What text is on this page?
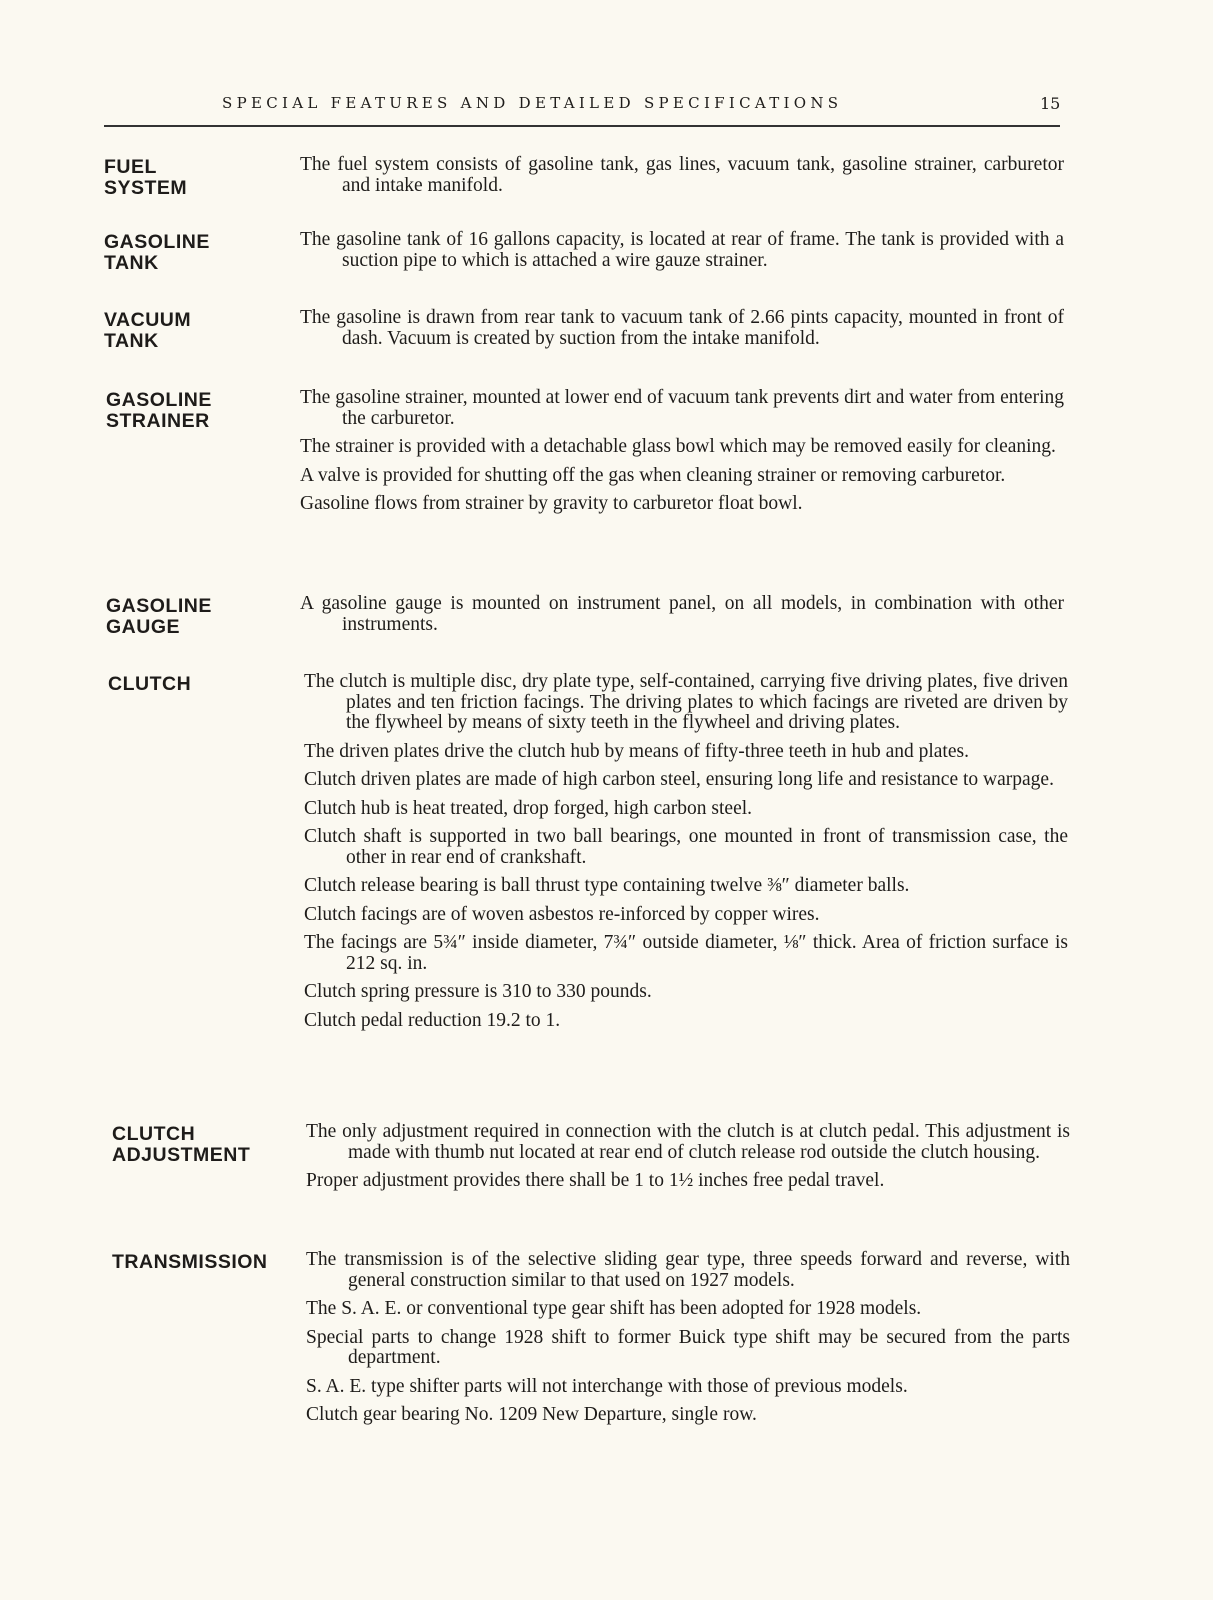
SPECIAL FEATURES AND DETAILED SPECIFICATIONS	15
FUEL
SYSTEM

The fuel system consists of gasoline tank, gas lines, vacuum tank, gasoline strainer, carburetor and intake manifold.

GASOLINE
TANK

The gasoline tank of 16 gallons capacity, is located at rear of frame. The tank is provided with a suction pipe to which is attached a wire gauze strainer.

VACUUM
TANK

The gasoline is drawn from rear tank to vacuum tank of 2.66 pints capacity, mounted in front of dash. Vacuum is created by suction from the intake manifold.

GASOLINE
STRAINER

The gasoline strainer, mounted at lower end of vacuum tank prevents dirt and water from entering the carburetor.

The strainer is provided with a detachable glass bowl which may be removed easily for cleaning.

A valve is provided for shutting off the gas when cleaning strainer or removing carburetor.

Gasoline flows from strainer by gravity to carburetor float bowl.

GASOLINE
GAUGE

A gasoline gauge is mounted on instrument panel, on all models, in combination with other instruments.

CLUTCH
	The clutch is multiple disc, dry plate type, self-contained, carrying five driving plates, five driven plates and ten friction facings. The driving plates to which facings are riveted are driven by the flywheel by means of sixty teeth in the flywheel and driving plates.

The driven plates drive the clutch hub by means of fifty-three teeth in hub and plates.

Clutch driven plates are made of high carbon steel, ensuring long life and resistance to warpage.

Clutch hub is heat treated, drop forged, high carbon steel.

Clutch shaft is supported in two ball bearings, one mounted in front of transmission case, the other in rear end of crankshaft.

Clutch release bearing is ball thrust type containing twelve ⅜″ diameter balls.

Clutch facings are of woven asbestos re-inforced by copper wires.

The facings are 5¾″ inside diameter, 7¾″ outside diameter, ⅛″ thick. Area of friction surface is 212 sq. in.

Clutch spring pressure is 310 to 330 pounds.

Clutch pedal reduction 19.2 to 1.

CLUTCH
ADJUSTMENT

The only adjustment required in connection with the clutch is at clutch pedal. This adjustment is made with thumb nut located at rear end of clutch release rod outside the clutch housing.

Proper adjustment provides there shall be 1 to 1½ inches free pedal travel.

TRANSMISSION
	The transmission is of the selective sliding gear type, three speeds forward and reverse, with general construction similar to that used on 1927 models.

The S. A. E. or conventional type gear shift has been adopted for 1928 models.

Special parts to change 1928 shift to former Buick type shift may be secured from the parts department.

S. A. E. type shifter parts will not interchange with those of previous models.

Clutch gear bearing No. 1209 New Departure, single row.
